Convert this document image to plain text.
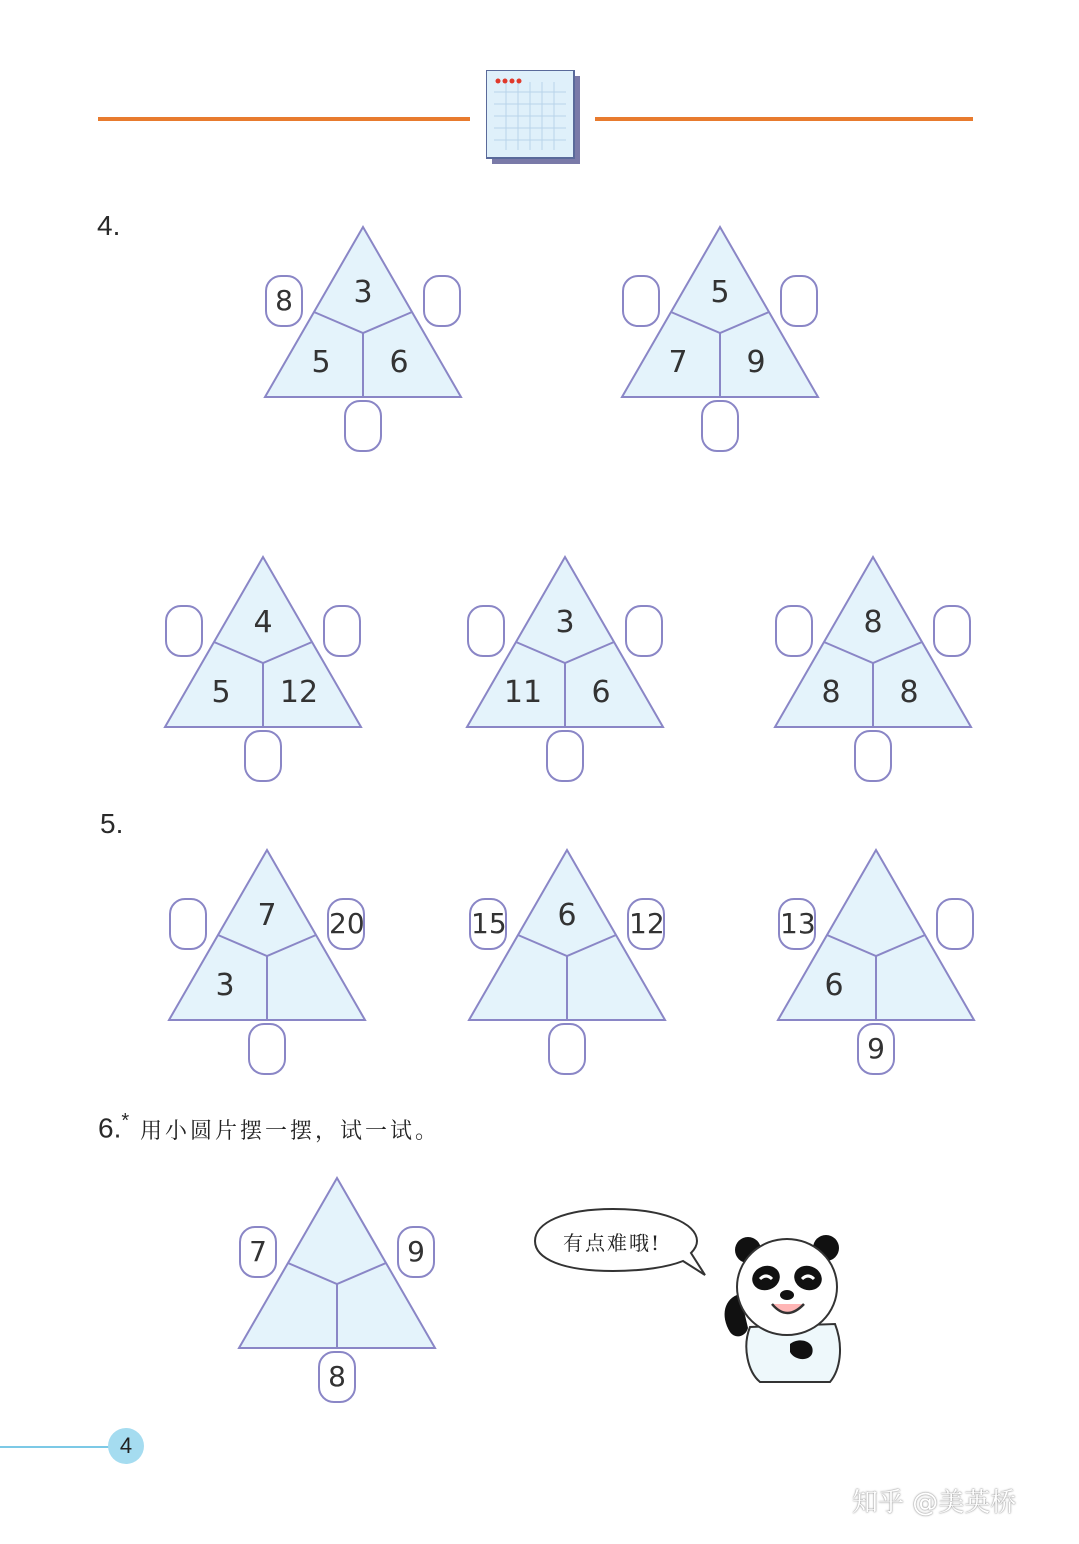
4.
5.
6.* 用小圆片摆一摆，试一试。
3
5	6
8	5
7	9
4
5	12
3
11	6
8
8	8
7
3
20	6
15	12
6
13
9
7	9
8
有点难哦!
4
知乎 @美英桥
